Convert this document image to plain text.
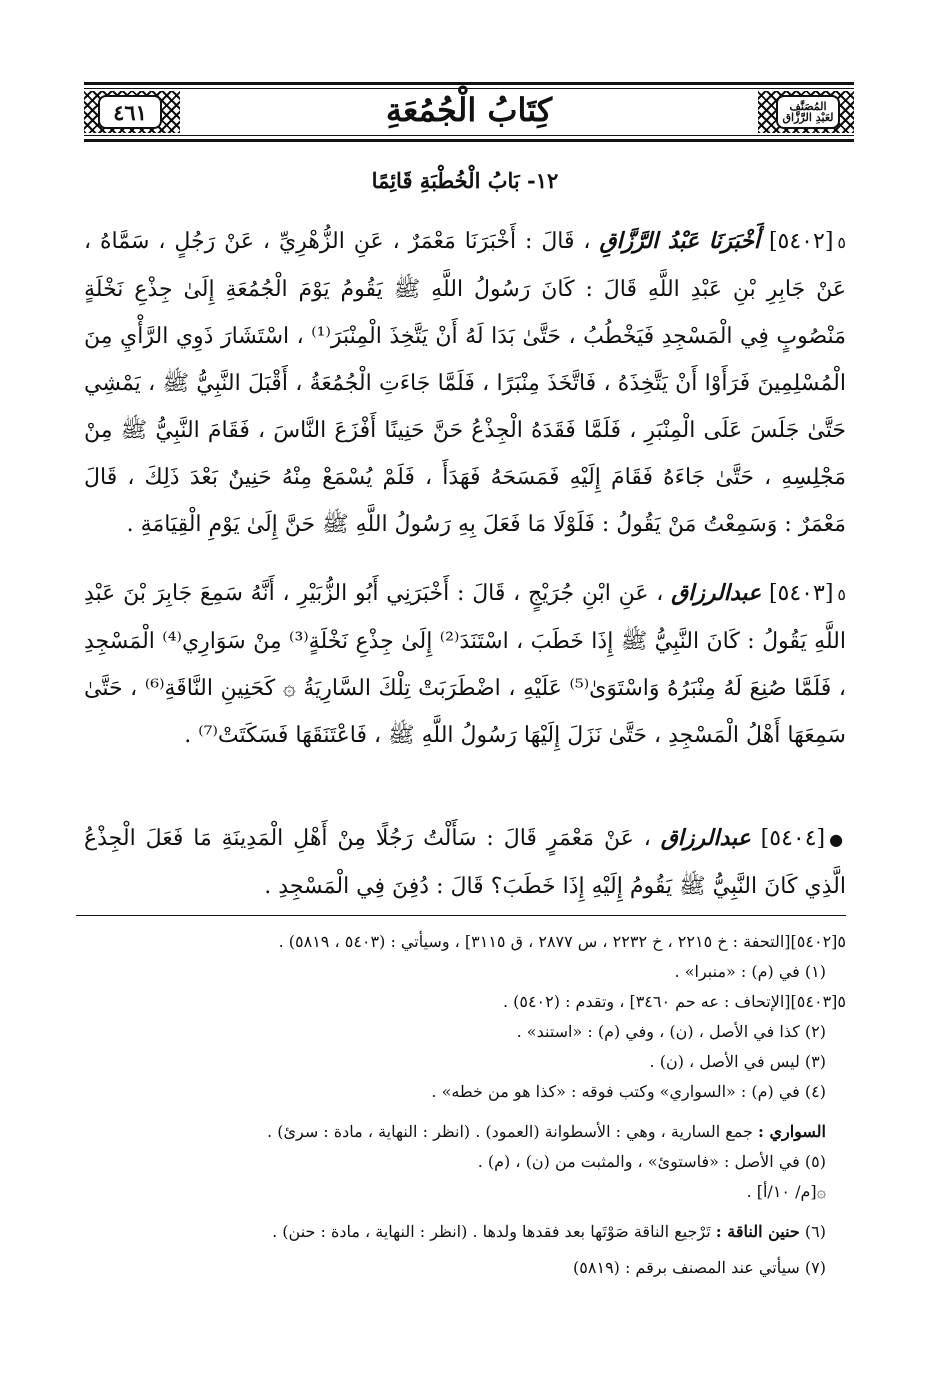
٤٦١	المُصَنَّف
لعَبْدِ الرَّزَّاق
كِتَابُ الْجُمُعَةِ
١٢- بَابُ الْخُطْبَةِ قَائِمًا
٥[٥٤٠٢] أَخْبَرَنَا عَبْدُ الرَّزَّاقِ ، قَالَ : أَخْبَرَنَا مَعْمَرٌ ، عَنِ الزُّهْرِيِّ ، عَنْ رَجُلٍ ، سَمَّاهُ ، عَنْ جَابِرِ بْنِ عَبْدِ اللَّهِ قَالَ : كَانَ رَسُولُ اللَّهِ ﷺ يَقُومُ يَوْمَ الْجُمُعَةِ إِلَىٰ جِذْعِ نَخْلَةٍ مَنْصُوبٍ فِي الْمَسْجِدِ فَيَخْطُبُ ، حَتَّىٰ بَدَا لَهُ أَنْ يَتَّخِذَ الْمِنْبَرَ⁽¹⁾ ، اسْتَشَارَ ذَوِي الرَّأْيِ مِنَ الْمُسْلِمِينَ فَرَأَوْا أَنْ يَتَّخِذَهُ ، فَاتَّخَذَ مِنْبَرًا ، فَلَمَّا جَاءَتِ الْجُمُعَةُ ، أَقْبَلَ النَّبِيُّ ﷺ ، يَمْشِي حَتَّىٰ جَلَسَ عَلَى الْمِنْبَرِ ، فَلَمَّا فَقَدَهُ الْجِذْعُ حَنَّ حَنِينًا أَفْزَعَ النَّاسَ ، فَقَامَ النَّبِيُّ ﷺ مِنْ مَجْلِسِهِ ، حَتَّىٰ جَاءَهُ فَقَامَ إِلَيْهِ فَمَسَحَهُ فَهَدَأَ ، فَلَمْ يُسْمَعْ مِنْهُ حَنِينٌ بَعْدَ ذَلِكَ ، قَالَ مَعْمَرٌ : وَسَمِعْتُ مَنْ يَقُولُ : فَلَوْلَا مَا فَعَلَ بِهِ رَسُولُ اللَّهِ ﷺ حَنَّ إِلَىٰ يَوْمِ الْقِيَامَةِ .
٥[٥٤٠٣] عبدالرزاق ، عَنِ ابْنِ جُرَيْجٍ ، قَالَ : أَخْبَرَنِي أَبُو الزُّبَيْرِ ، أَنَّهُ سَمِعَ جَابِرَ بْنَ عَبْدِ اللَّهِ يَقُولُ : كَانَ النَّبِيُّ ﷺ إِذَا خَطَبَ ، اسْتَنَدَ⁽²⁾ إِلَىٰ جِذْعِ نَخْلَةٍ⁽³⁾ مِنْ سَوَارِي⁽⁴⁾ الْمَسْجِدِ ، فَلَمَّا صُنِعَ لَهُ مِنْبَرُهُ وَاسْتَوَىٰ⁽⁵⁾ عَلَيْهِ ، اضْطَرَبَتْ تِلْكَ السَّارِيَةُ ۞ كَحَنِينِ النَّاقَةِ⁽⁶⁾ ، حَتَّىٰ سَمِعَهَا أَهْلُ الْمَسْجِدِ ، حَتَّىٰ نَزَلَ إِلَيْهَا رَسُولُ اللَّهِ ﷺ ، فَاعْتَنَقَهَا فَسَكَتَتْ⁽⁷⁾ .
●[٥٤٠٤] عبدالرزاق ، عَنْ مَعْمَرٍ قَالَ : سَأَلْتُ رَجُلًا مِنْ أَهْلِ الْمَدِينَةِ مَا فَعَلَ الْجِذْعُ الَّذِي كَانَ النَّبِيُّ ﷺ يَقُومُ إِلَيْهِ إِذَا خَطَبَ؟ قَالَ : دُفِنَ فِي الْمَسْجِدِ .
٥[٥٤٠٢][التحفة : خ ٢٢١٥ ، خ ٢٢٣٢ ، س ٢٨٧٧ ، ق ٣١١٥] ، وسيأتي : (٥٤٠٣ ، ٥٨١٩) .
(١) في (م) : «منبرا» .
٥[٥٤٠٣][الإتحاف : عه حم ٣٤٦٠] ، وتقدم : (٥٤٠٢) .
(٢) كذا في الأصل ، (ن) ، وفي (م) : «استند» .
(٣) ليس في الأصل ، (ن) .
(٤) في (م) : «السواري» وكتب فوقه : «كذا هو من خطه» .
السواري : جمع السارية ، وهي : الأسطوانة (العمود) . (انظر : النهاية ، مادة : سرئ) .
(٥) في الأصل : «فاستوئ» ، والمثبت من (ن) ، (م) .
۞[م/ ١٠/أ] .
(٦) حنين الناقة : تَرْجيع الناقة صَوْتَها بعد فقدها ولدها . (انظر : النهاية ، مادة : حنن) .
(٧) سيأتي عند المصنف برقم : (٥٨١٩)
